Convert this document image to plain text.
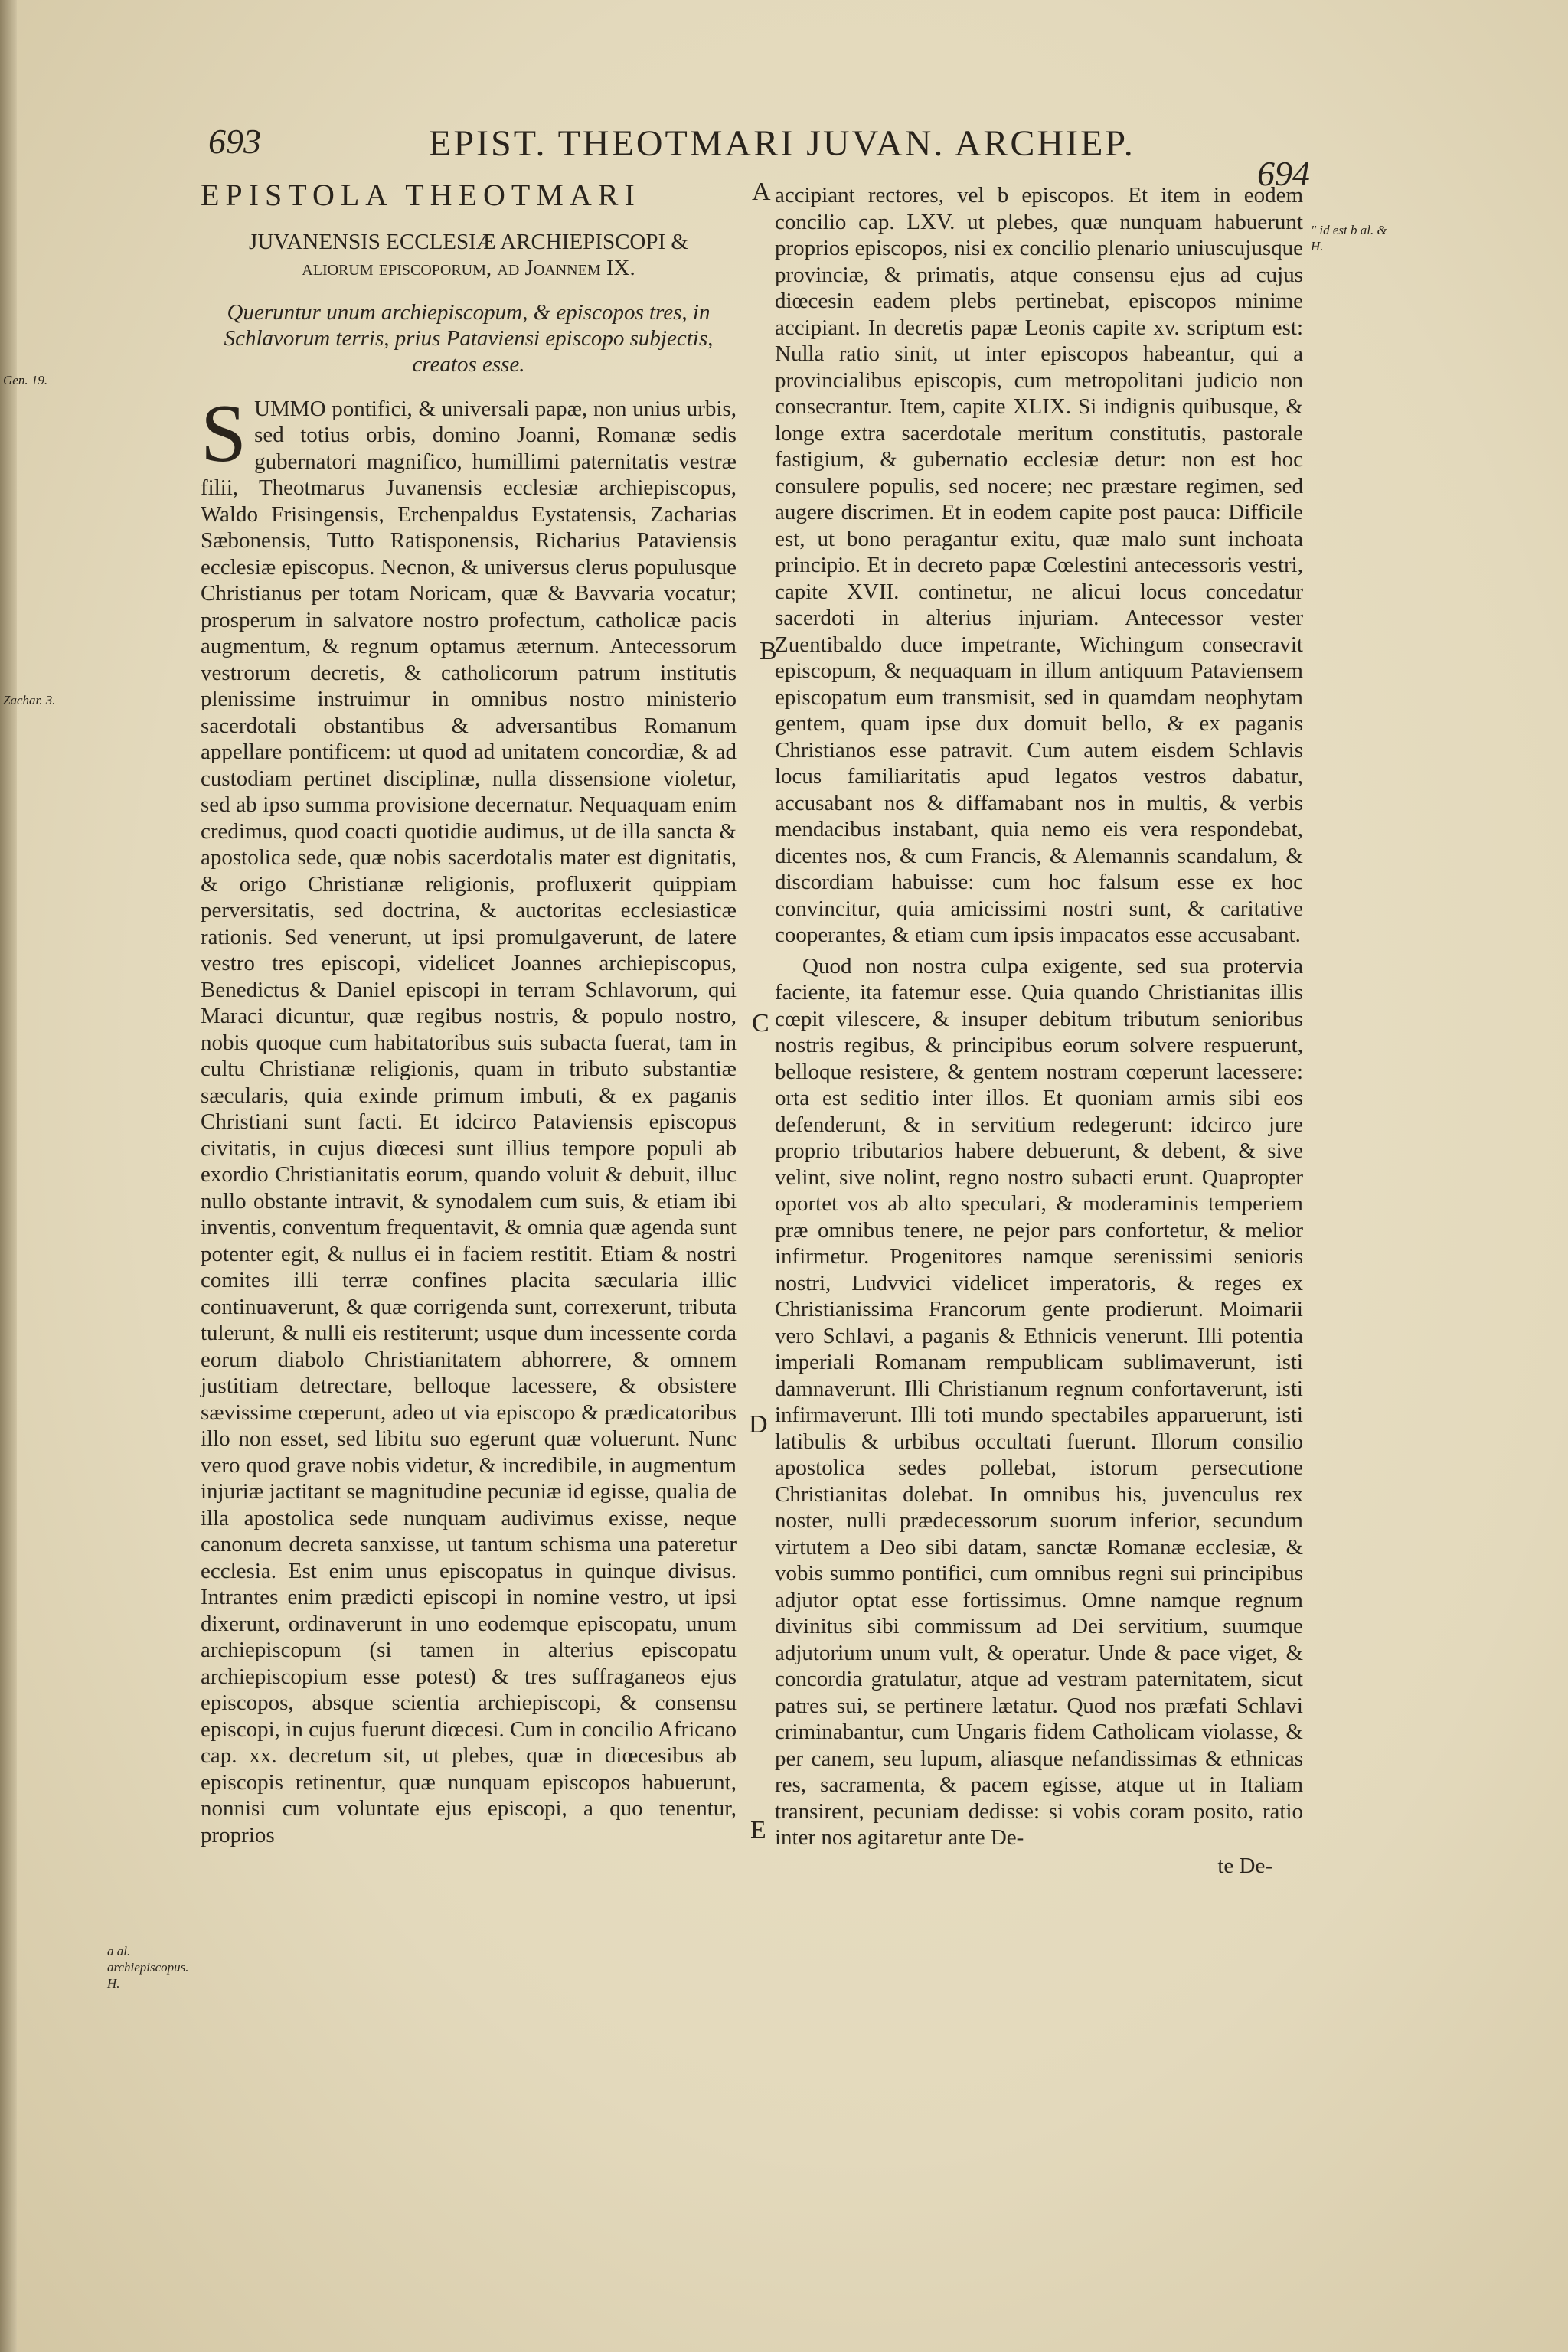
693	EPIST. THEOTMARI JUVAN. ARCHIEP.
694
Gen. 19.
Zachar. 3.
a al. archiepiscopus. H.
" id est b al. & H.
A
B
C
D
E
EPISTOLA THEOTMARI
JUVANENSIS ECCLESIÆ ARCHIEPISCOPI & aliorum episcoporum, ad Joannem IX.
Queruntur unum archiepiscopum, & episcopos tres, in Schlavorum terris, prius Pataviensi episcopo subjectis, creatos esse.

SUMMO pontifici, & universali papæ, non unius urbis, sed totius orbis, domino Joanni, Romanæ sedis gubernatori magnifico, humillimi paternitatis vestræ filii, Theotmarus Juvanensis ecclesiæ archiepiscopus, Waldo Frisingensis, Erchenpaldus Eystatensis, Zacharias Sæbonensis, Tutto Ratisponensis, Richarius Pataviensis ecclesiæ episcopus. Necnon, & universus clerus populusque Christianus per totam Noricam, quæ & Bavvaria vocatur; prosperum in salvatore nostro profectum, catholicæ pacis augmentum, & regnum optamus æternum. Antecessorum vestrorum decretis, & catholicorum patrum institutis plenissime instruimur in omnibus nostro ministerio sacerdotali obstantibus & adversantibus Romanum appellare pontificem: ut quod ad unitatem concordiæ, & ad custodiam pertinet disciplinæ, nulla dissensione violetur, sed ab ipso summa provisione decernatur. Nequaquam enim credimus, quod coacti quotidie audimus, ut de illa sancta & apostolica sede, quæ nobis sacerdotalis mater est dignitatis, & origo Christianæ religionis, profluxerit quippiam perversitatis, sed doctrina, & auctoritas ecclesiasticæ rationis. Sed venerunt, ut ipsi promulgaverunt, de latere vestro tres episcopi, videlicet Joannes archiepiscopus, Benedictus & Daniel episcopi in terram Schlavorum, qui Maraci dicuntur, quæ regibus nostris, & populo nostro, nobis quoque cum habitatoribus suis subacta fuerat, tam in cultu Christianæ religionis, quam in tributo substantiæ sæcularis, quia exinde primum imbuti, & ex paganis Christiani sunt facti. Et idcirco Pataviensis episcopus civitatis, in cujus diœcesi sunt illius tempore populi ab exordio Christianitatis eorum, quando voluit & debuit, illuc nullo obstante intravit, & synodalem cum suis, & etiam ibi inventis, conventum frequentavit, & omnia quæ agenda sunt potenter egit, & nullus ei in faciem restitit. Etiam & nostri comites illi terræ confines placita sæcularia illic continuaverunt, & quæ corrigenda sunt, correxerunt, tributa tulerunt, & nulli eis restiterunt; usque dum incessente corda eorum diabolo Christianitatem abhorrere, & omnem justitiam detrectare, belloque lacessere, & obsistere sævissime cœperunt, adeo ut via episcopo & prædicatoribus illo non esset, sed libitu suo egerunt quæ voluerunt. Nunc vero quod grave nobis videtur, & incredibile, in augmentum injuriæ jactitant se magnitudine pecuniæ id egisse, qualia de illa apostolica sede nunquam audivimus exisse, neque canonum decreta sanxisse, ut tantum schisma una pateretur ecclesia. Est enim unus episcopatus in quinque divisus. Intrantes enim prædicti episcopi in nomine vestro, ut ipsi dixerunt, ordinaverunt in uno eodemque episcopatu, unum archiepiscopum (si tamen in alterius episcopatu archiepiscopium esse potest) & tres suffraganeos ejus episcopos, absque scientia archiepiscopi, & consensu episcopi, in cujus fuerunt diœcesi. Cum in concilio Africano cap. xx. decretum sit, ut plebes, quæ in diœcesibus ab episcopis retinentur, quæ nunquam episcopos habuerunt, nonnisi cum voluntate ejus episcopi, a quo tenentur, proprios

accipiant rectores, vel b episcopos. Et item in eodem concilio cap. LXV. ut plebes, quæ nunquam habuerunt proprios episcopos, nisi ex concilio plenario uniuscujusque provinciæ, & primatis, atque consensu ejus ad cujus diœcesin eadem plebs pertinebat, episcopos minime accipiant. In decretis papæ Leonis capite xv. scriptum est: Nulla ratio sinit, ut inter episcopos habeantur, qui a provincialibus episcopis, cum metropolitani judicio non consecrantur. Item, capite XLIX. Si indignis quibusque, & longe extra sacerdotale meritum constitutis, pastorale fastigium, & gubernatio ecclesiæ detur: non est hoc consulere populis, sed nocere; nec præstare regimen, sed augere discrimen. Et in eodem capite post pauca: Difficile est, ut bono peragantur exitu, quæ malo sunt inchoata principio. Et in decreto papæ Cœlestini antecessoris vestri, capite XVII. continetur, ne alicui locus concedatur sacerdoti in alterius injuriam. Antecessor vester Zuentibaldo duce impetrante, Wichingum consecravit episcopum, & nequaquam in illum antiquum Pataviensem episcopatum eum transmisit, sed in quamdam neophytam gentem, quam ipse dux domuit bello, & ex paganis Christianos esse patravit. Cum autem eisdem Schlavis locus familiaritatis apud legatos vestros dabatur, accusabant nos & diffamabant nos in multis, & verbis mendacibus instabant, quia nemo eis vera respondebat, dicentes nos, & cum Francis, & Alemannis scandalum, & discordiam habuisse: cum hoc falsum esse ex hoc convincitur, quia amicissimi nostri sunt, & caritative cooperantes, & etiam cum ipsis impacatos esse accusabant.

Quod non nostra culpa exigente, sed sua protervia faciente, ita fatemur esse. Quia quando Christianitas illis cœpit vilescere, & insuper debitum tributum senioribus nostris regibus, & principibus eorum solvere respuerunt, belloque resistere, & gentem nostram cœperunt lacessere: orta est seditio inter illos. Et quoniam armis sibi eos defenderunt, & in servitium redegerunt: idcirco jure proprio tributarios habere debuerunt, & debent, & sive velint, sive nolint, regno nostro subacti erunt. Quapropter oportet vos ab alto speculari, & moderaminis temperiem præ omnibus tenere, ne pejor pars confortetur, & melior infirmetur. Progenitores namque serenissimi senioris nostri, Ludvvici videlicet imperatoris, & reges ex Christianissima Francorum gente prodierunt. Moimarii vero Schlavi, a paganis & Ethnicis venerunt. Illi potentia imperiali Romanam rempublicam sublimaverunt, isti damnaverunt. Illi Christianum regnum confortaverunt, isti infirmaverunt. Illi toti mundo spectabiles apparuerunt, isti latibulis & urbibus occultati fuerunt. Illorum consilio apostolica sedes pollebat, istorum persecutione Christianitas dolebat. In omnibus his, juvenculus rex noster, nulli prædecessorum suorum inferior, secundum virtutem a Deo sibi datam, sanctæ Romanæ ecclesiæ, & vobis summo pontifici, cum omnibus regni sui principibus adjutor optat esse fortissimus. Omne namque regnum divinitus sibi commissum ad Dei servitium, suumque adjutorium unum vult, & operatur. Unde & pace viget, & concordia gratulatur, atque ad vestram paternitatem, sicut patres sui, se pertinere lætatur. Quod nos præfati Schlavi criminabantur, cum Ungaris fidem Catholicam violasse, & per canem, seu lupum, aliasque nefandissimas & ethnicas res, sacramenta, & pacem egisse, atque ut in Italiam transirent, pecuniam dedisse: si vobis coram posito, ratio inter nos agitaretur ante De-

te De-
